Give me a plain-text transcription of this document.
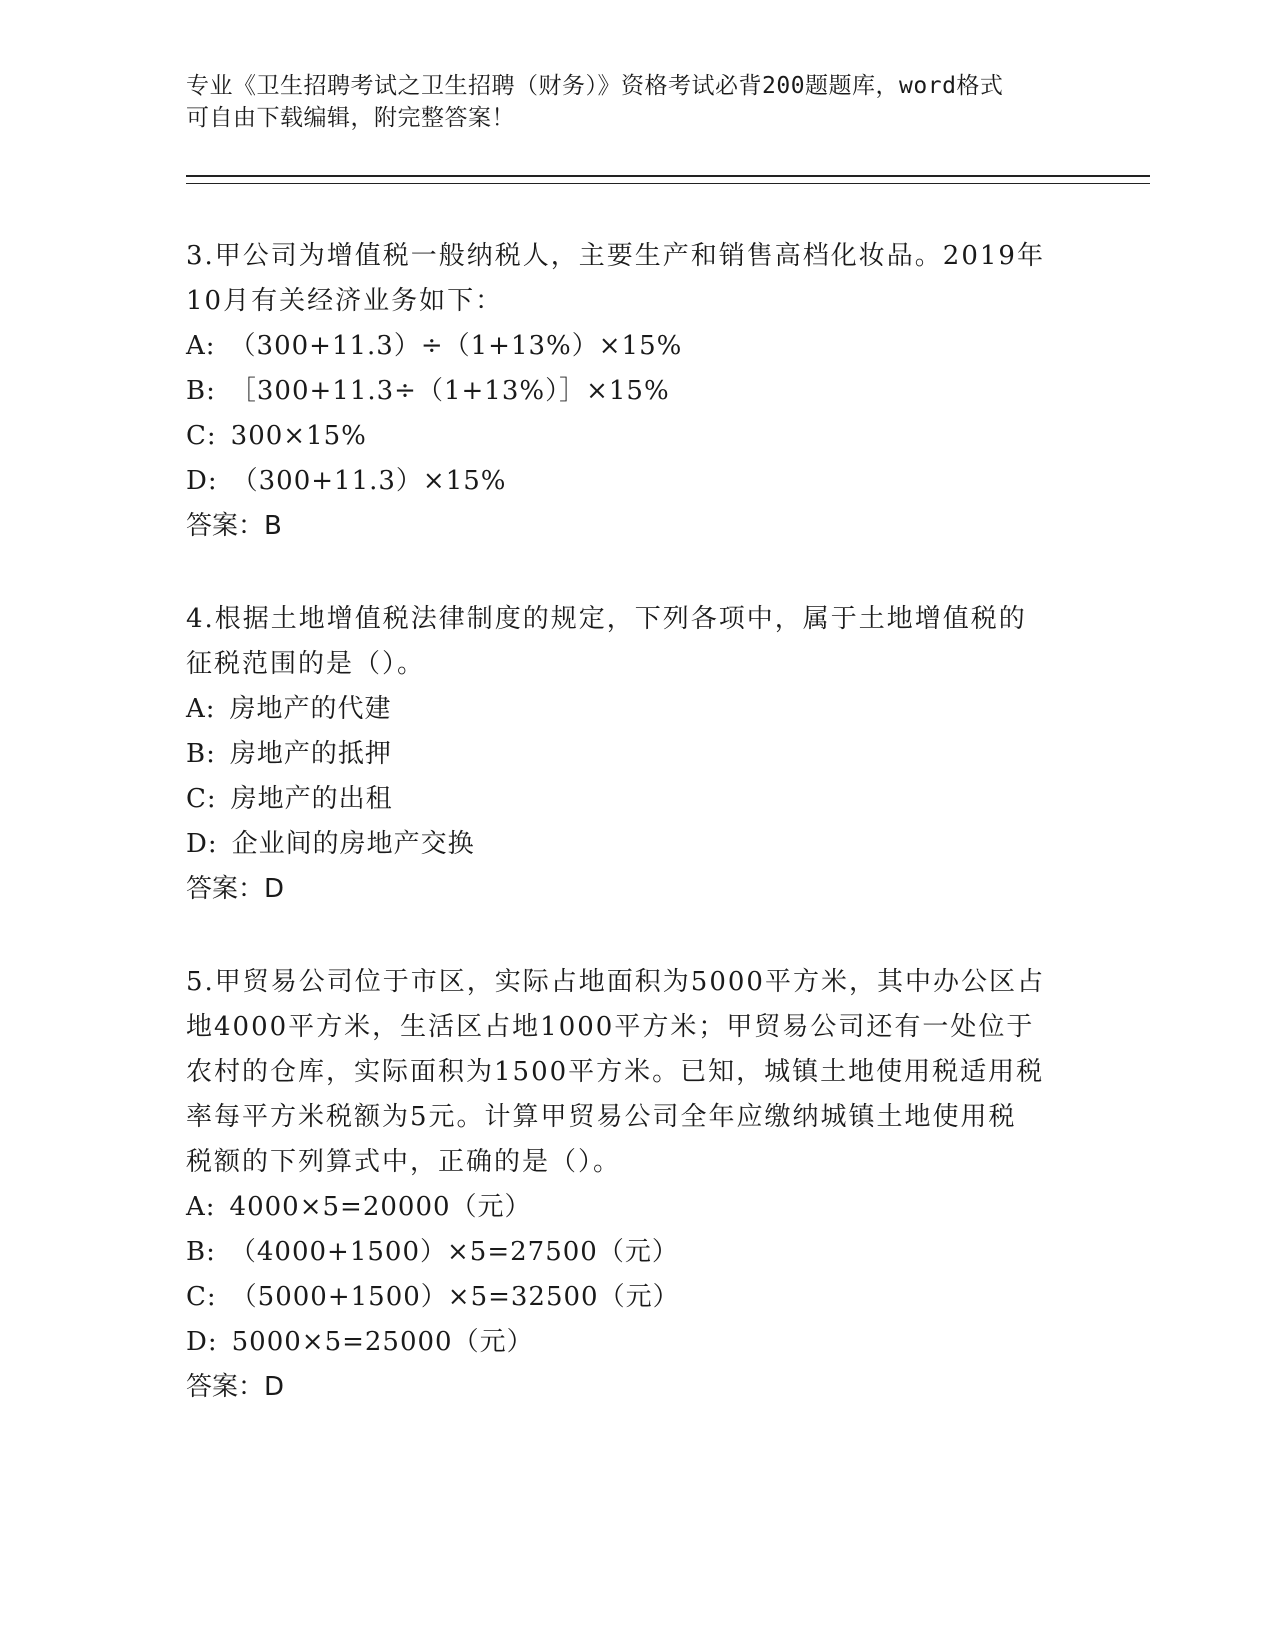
专业《卫生招聘考试之卫生招聘（财务）》资格考试必背200题题库，word格式
可自由下载编辑，附完整答案！
3.甲公司为增值税一般纳税人，主要生产和销售高档化妆品。2019年
10月有关经济业务如下：
A: （300+11.3）÷（1+13%）×15%
B: ［300+11.3÷（1+13%）］×15%
C: 300×15%
D: （300+11.3）×15%
答案：B
4.根据土地增值税法律制度的规定，下列各项中，属于土地增值税的
征税范围的是（）。
A: 房地产的代建
B: 房地产的抵押
C: 房地产的出租
D: 企业间的房地产交换
答案：D
5.甲贸易公司位于市区，实际占地面积为5000平方米，其中办公区占
地4000平方米，生活区占地1000平方米；甲贸易公司还有一处位于
农村的仓库，实际面积为1500平方米。已知，城镇土地使用税适用税
率每平方米税额为5元。计算甲贸易公司全年应缴纳城镇土地使用税
税额的下列算式中，正确的是（）。
A: 4000×5=20000（元）
B: （4000+1500）×5=27500（元）
C: （5000+1500）×5=32500（元）
D: 5000×5=25000（元）
答案：D
